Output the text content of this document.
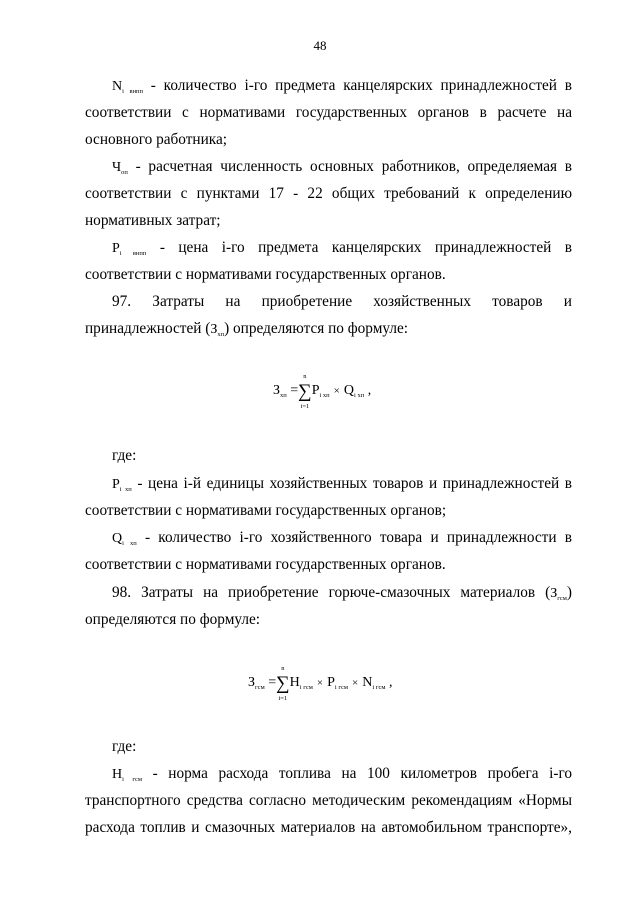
48
$N_{i внпп}$ - количество i-го предмета канцелярских принадлежностей в
соответствии с нормативами государственных органов в расчете на
основного работника;
$Ч_{оп}$ - расчетная численность основных работников, определяемая в
соответствии с пунктами 17 - 22 общих требований к определению
нормативных затрат;
$P_{i внпп}$ - цена i-го предмета канцелярских принадлежностей в
соответствии с нормативами государственных органов.
97. Затраты на приобретение хозяйственных товаров и
принадлежностей $(З_{хп})$ определяются по формуле:
$З_{хп}$ =
n
∑
i=1
$P_{i хп} \times Q_{i хп}$ ,
где:
$P_{i хп}$ - цена i-й единицы хозяйственных товаров и принадлежностей в
соответствии с нормативами государственных органов;
$Q_{i хп}$ - количество i-го хозяйственного товара и принадлежности в
соответствии с нормативами государственных органов.
98. Затраты на приобретение горюче-смазочных материалов $(З_{гсм})$
определяются по формуле:
$З_{гсм}$ =
n
∑
i=1
$H_{i гсм} \times P_{i гсм} \times N_{i гсм}$ ,
где:
$H_{i гсм}$ - норма расхода топлива на 100 километров пробега i-го
транспортного средства согласно методическим рекомендациям «Нормы
расхода топлив и смазочных материалов на автомобильном транспорте»,
